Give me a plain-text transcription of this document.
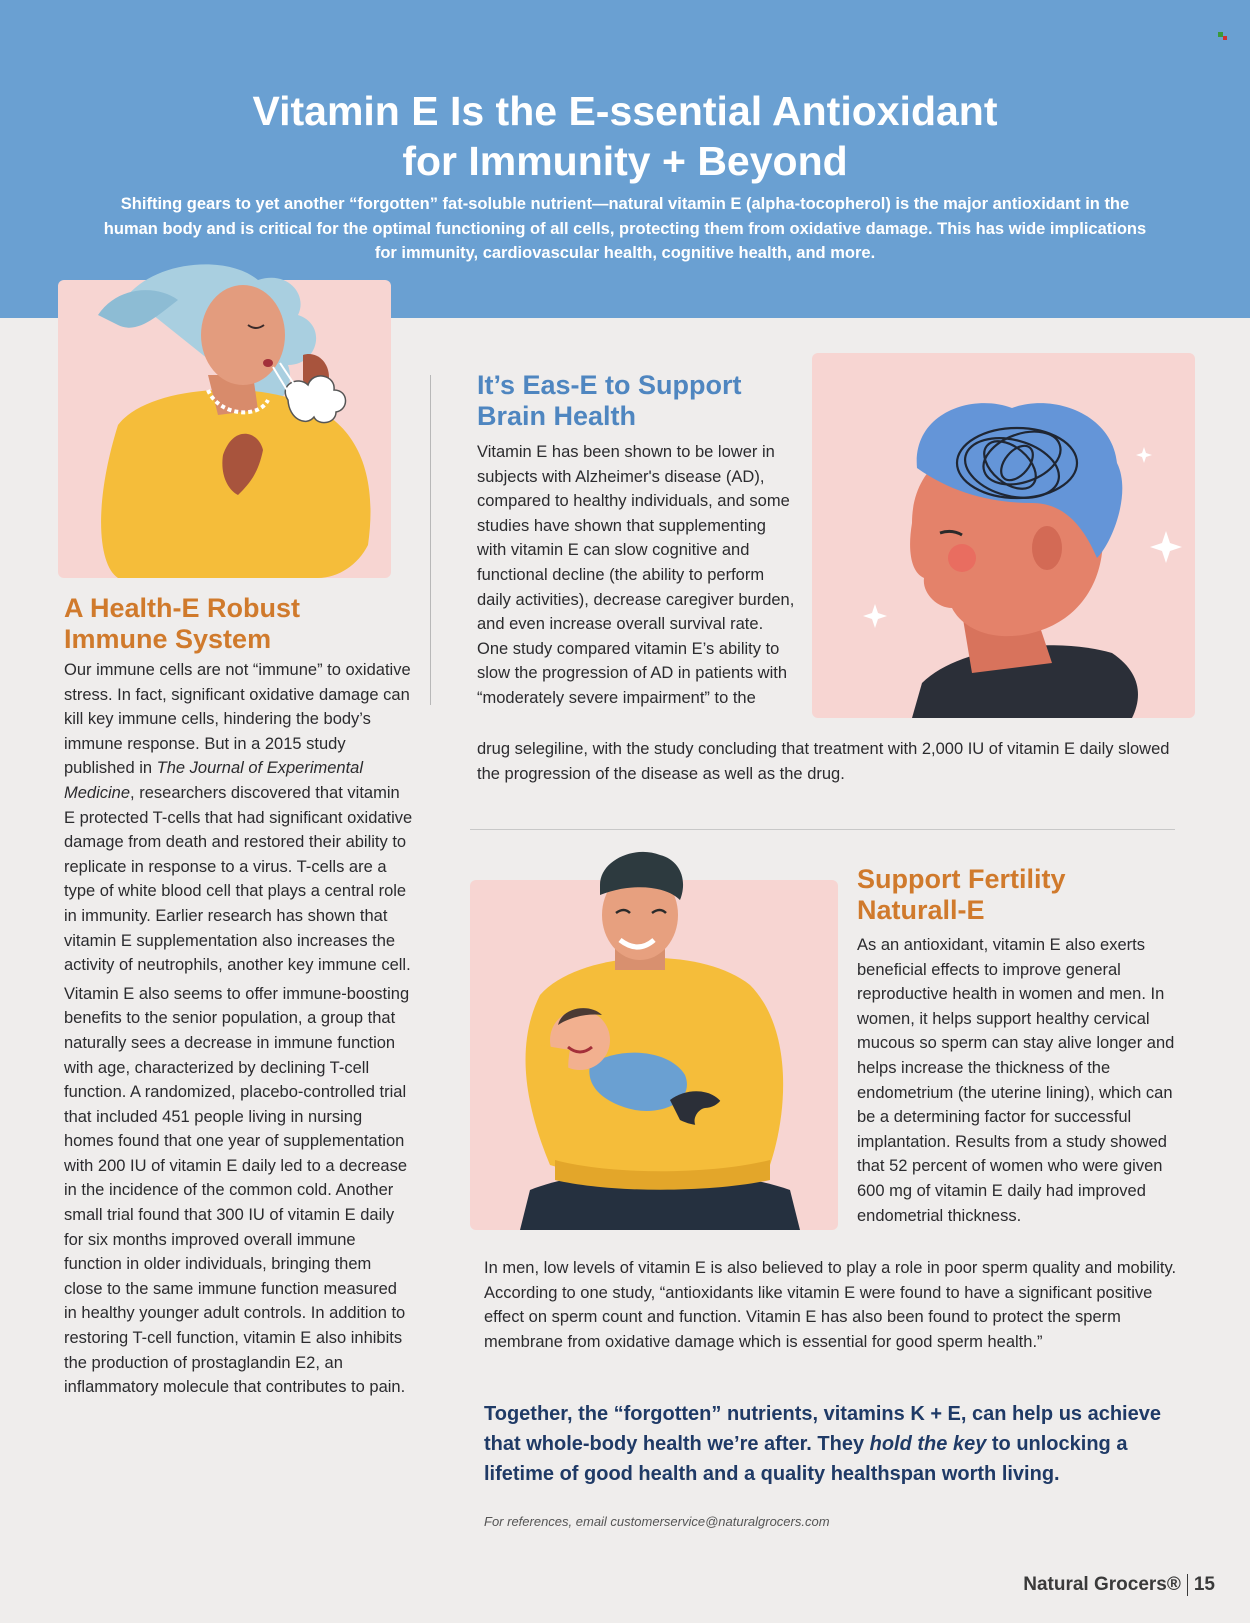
Vitamin E Is the E-ssential Antioxidant
for Immunity + Beyond

Shifting gears to yet another “forgotten” fat-soluble nutrient—natural vitamin E (alpha-tocopherol) is the major antioxidant in the human body and is critical for the optimal functioning of all cells, protecting them from oxidative damage. This has wide implications for immunity, cardiovascular health, cognitive health, and more.

A Health-E Robust
Immune System

Our immune cells are not “immune” to oxidative stress. In fact, significant oxidative damage can kill key immune cells, hindering the body’s immune response. But in a 2015 study published in The Journal of Experimental Medicine, researchers discovered that vitamin E protected T-cells that had significant oxidative damage from death and restored their ability to replicate in response to a virus. T-cells are a type of white blood cell that plays a central role in immunity. Earlier research has shown that vitamin E supplementation also increases the activity of neutrophils, another key immune cell.

Vitamin E also seems to offer immune-boosting benefits to the senior population, a group that naturally sees a decrease in immune function with age, characterized by declining T-cell function. A randomized, placebo-controlled trial that included 451 people living in nursing homes found that one year of supplementation with 200 IU of vitamin E daily led to a decrease in the incidence of the common cold. Another small trial found that 300 IU of vitamin E daily for six months improved overall immune function in older individuals, bringing them close to the same immune function measured in healthy younger adult controls. In addition to restoring T-cell function, vitamin E also inhibits the production of prostaglandin E2, an inflammatory molecule that contributes to pain.

It’s Eas-E to Support
Brain Health

Vitamin E has been shown to be lower in subjects with Alzheimer's disease (AD), compared to healthy individuals, and some studies have shown that supplementing with vitamin E can slow cognitive and functional decline (the ability to perform daily activities), decrease caregiver burden, and even increase overall survival rate. One study compared vitamin E’s ability to slow the progression of AD in patients with “moderately severe impairment” to the

drug selegiline, with the study concluding that treatment with 2,000 IU of vitamin E daily slowed the progression of the disease as well as the drug.

Support Fertility
Naturall-E

As an antioxidant, vitamin E also exerts beneficial effects to improve general reproductive health in women and men. In women, it helps support healthy cervical mucous so sperm can stay alive longer and helps increase the thickness of the endometrium (the uterine lining), which can be a determining factor for successful implantation. Results from a study showed that 52 percent of women who were given 600 mg of vitamin E daily had improved endometrial thickness.

In men, low levels of vitamin E is also believed to play a role in poor sperm quality and mobility. According to one study, “antioxidants like vitamin E were found to have a significant positive effect on sperm count and function. Vitamin E has also been found to protect the sperm membrane from oxidative damage which is essential for good sperm health.”

Together, the “forgotten” nutrients, vitamins K + E, can help us achieve that whole-body health we’re after. They hold the key to unlocking a lifetime of good health and a quality healthspan worth living.

For references, email customerservice@naturalgrocers.com

Natural Grocers® 15
